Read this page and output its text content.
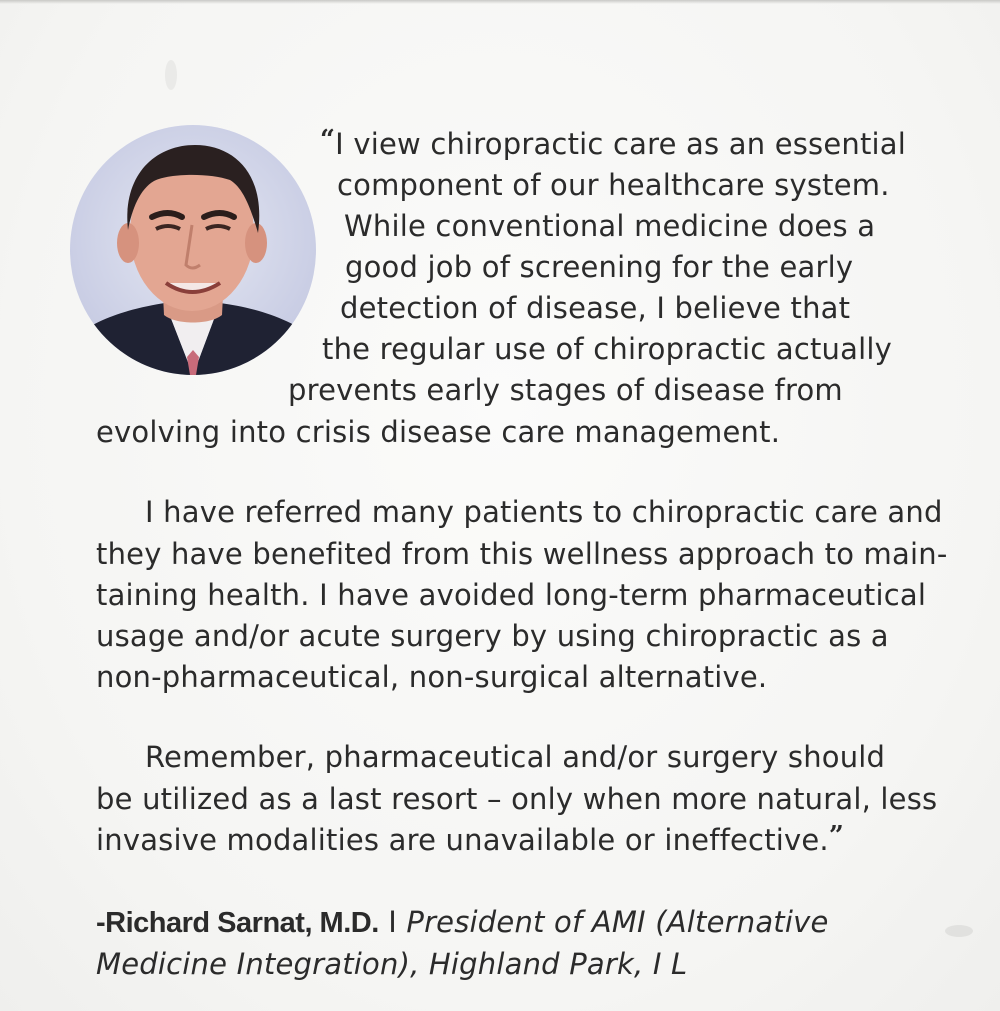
“I view chiropractic care as an essential

component of our healthcare system.

While conventional medicine does a

good job of screening for the early

detection of disease, I believe that

the regular use of chiropractic actually

prevents early stages of disease from

evolving into crisis disease care management.

I have referred many patients to chiropractic care and

they have benefited from this wellness approach to main-

taining health. I have avoided long-term pharmaceutical

usage and/or acute surgery by using chiropractic as a

non-pharmaceutical, non-surgical alternative.

Remember, pharmaceutical and/or surgery should

be utilized as a last resort – only when more natural, less

invasive modalities are unavailable or ineffective.”

-Richard Sarnat, M.D. I President of AMI (Alternative

Medicine Integration), Highland Park, I L
